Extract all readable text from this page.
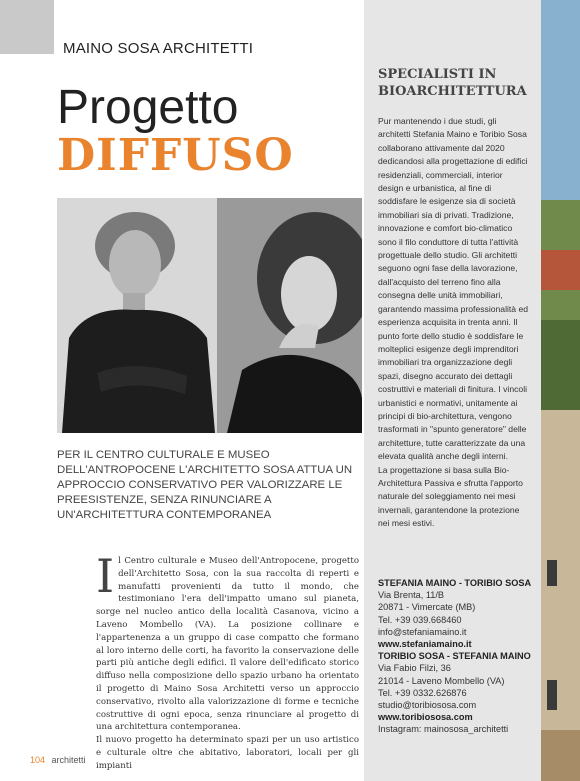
MAINO SOSA ARCHITETTI
Progetto
DIFFUSO
PER IL CENTRO CULTURALE E MUSEO DELL'ANTROPOCENE L'ARCHITETTO SOSA ATTUA UN APPROCCIO CONSERVATIVO PER VALORIZZARE LE PREESISTENZE, SENZA RINUNCIARE A UN'ARCHITETTURA CONTEMPORANEA
I l Centro culturale e Museo dell'Antropocene, progetto dell'Architetto Sosa, con la sua raccolta di reperti e manufatti provenienti da tutto il mondo, che testimoniano l'era dell'impatto umano sul pianeta, sorge nel nucleo antico della località Casanova, vicino a Laveno Mombello (VA). La posizione collinare e l'appartenenza a un gruppo di case compatto che formano al loro interno delle corti, ha favorito la conservazione delle parti più antiche degli edifici. Il valore dell'edificato storico diffuso nella composizione dello spazio urbano ha orientato il progetto di Maino Sosa Architetti verso un approccio conservativo, rivolto alla valorizzazione di forme e tecniche costruttive di ogni epoca, senza rinunciare al progetto di una architettura contemporanea.
Il nuovo progetto ha determinato spazi per un uso artistico e culturale oltre che abitativo, laboratori, locali per gli impianti
104 architetti
SPECIALISTI IN BIOARCHITETTURA
Pur mantenendo i due studi, gli architetti Stefania Maino e Toribio Sosa collaborano attivamente dal 2020 dedicandosi alla progettazione di edifici residenziali, commerciali, interior design e urbanistica, al fine di soddisfare le esigenze sia di società immobiliari sia di privati. Tradizione, innovazione e comfort bio-climatico sono il filo conduttore di tutta l'attività progettuale dello studio. Gli architetti seguono ogni fase della lavorazione, dall'acquisto del terreno fino alla consegna delle unità immobiliari, garantendo massima professionalità ed esperienza acquisita in trenta anni. Il punto forte dello studio è soddisfare le molteplici esigenze degli imprenditori immobiliari tra organizzazione degli spazi, disegno accurato dei dettagli costruttivi e materiali di finitura. I vincoli urbanistici e normativi, unitamente ai principi di bio-architettura, vengono trasformati in "spunto generatore" delle architetture, tutte caratterizzate da una elevata qualità anche degli interni.
La progettazione si basa sulla Bio-Architettura Passiva e sfrutta l'apporto naturale del soleggiamento nei mesi invernali, garantendone la protezione nei mesi estivi.
STEFANIA MAINO - TORIBIO SOSA
Via Brenta, 11/B
20871 - Vimercate (MB)
Tel. +39 039.668460
info@stefaniamaino.it
www.stefaniamaino.it
TORIBIO SOSA - STEFANIA MAINO
Via Fabio Filzi, 36
21014 - Laveno Mombello (VA)
Tel. +39 0332.626876
studio@toribiososa.com
www.toribiososa.com
Instagram: mainososa_architetti
